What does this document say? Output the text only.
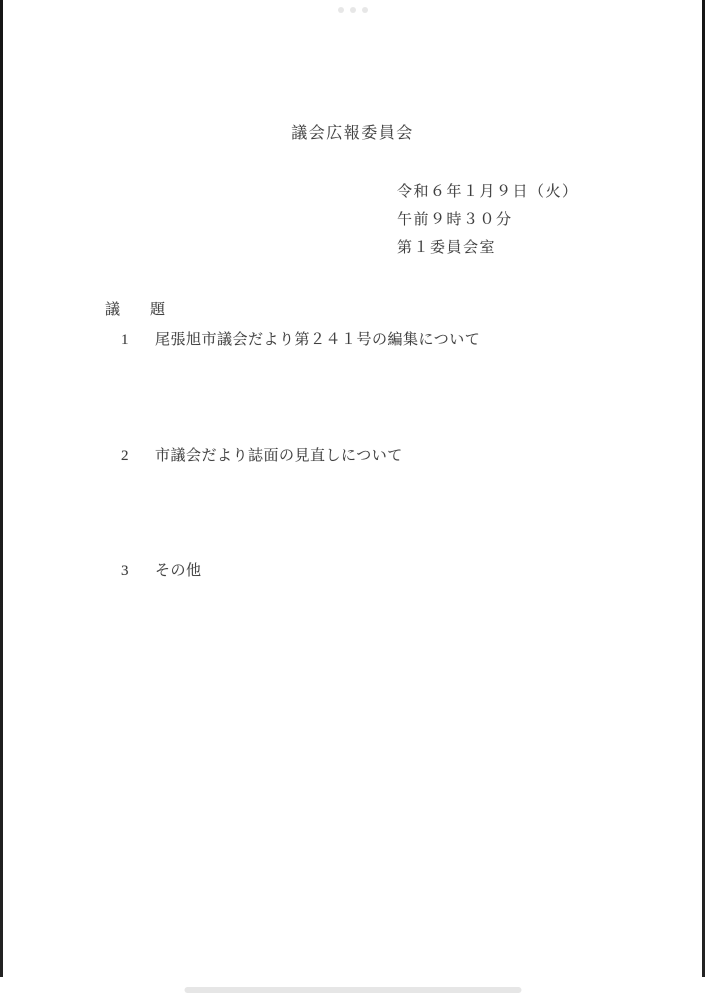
議会広報委員会
令和６年１月９日（火）
午前９時３０分
第１委員会室
議 題
1 尾張旭市議会だより第２４１号の編集について
2 市議会だより誌面の見直しについて
3 その他
